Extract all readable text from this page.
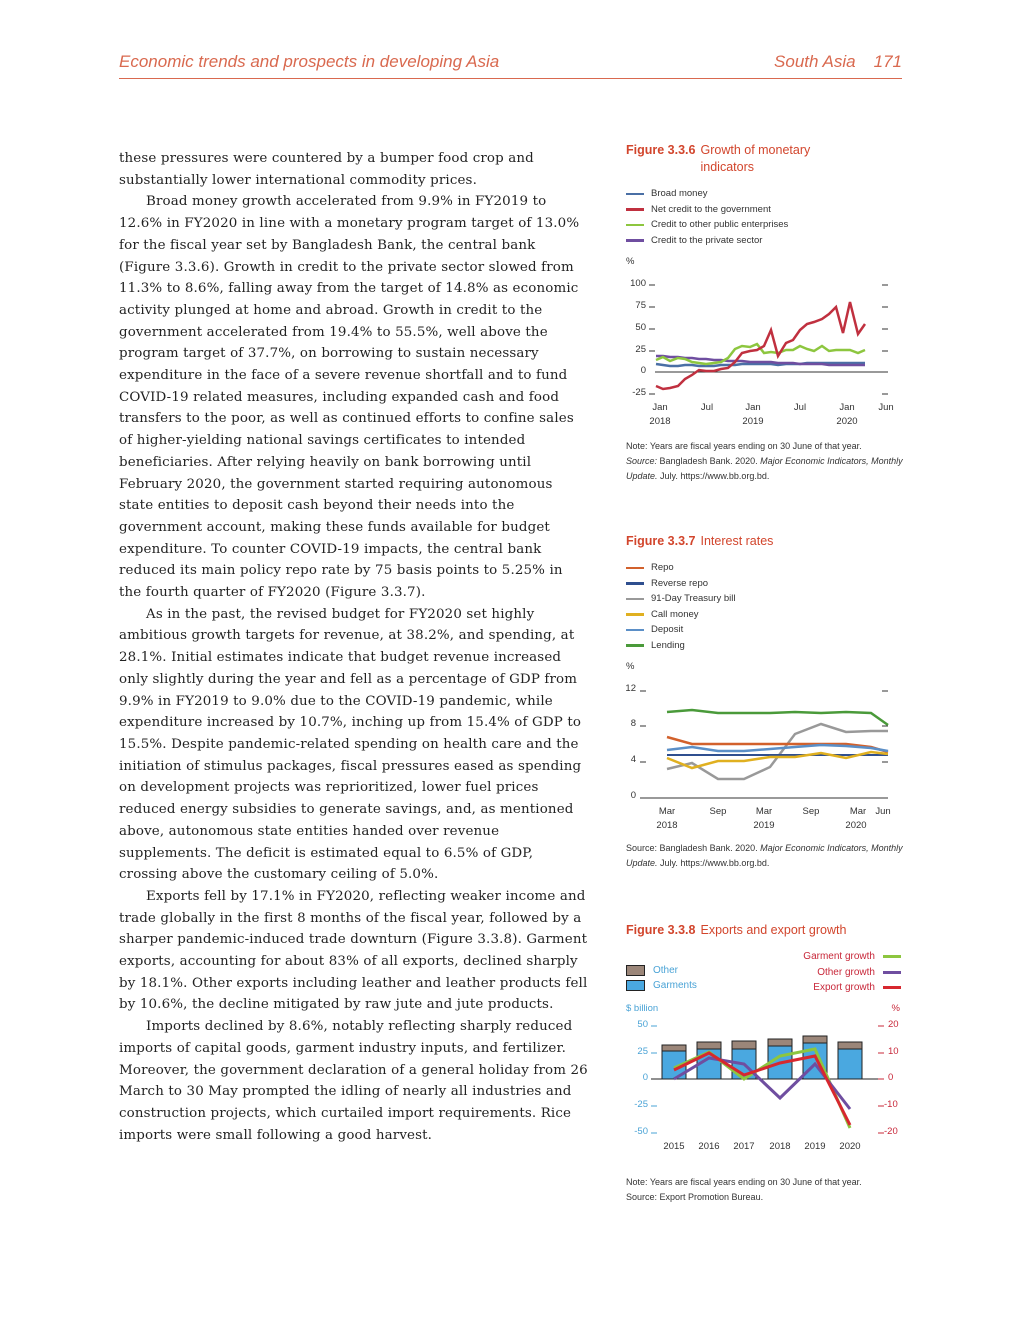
Economic trends and prospects in developing Asia	South Asia 171

these pressures were countered by a bumper food crop and substantially lower international commodity prices.

Broad money growth accelerated from 9.9% in FY2019 to 12.6% in FY2020 in line with a monetary program target of 13.0% for the fiscal year set by Bangladesh Bank, the central bank (Figure 3.3.6). Growth in credit to the private sector slowed from 11.3% to 8.6%, falling away from the target of 14.8% as economic activity plunged at home and abroad. Growth in credit to the government accelerated from 19.4% to 55.5%, well above the program target of 37.7%, on borrowing to sustain necessary expenditure in the face of a severe revenue shortfall and to fund COVID-19 related measures, including expanded cash and food transfers to the poor, as well as continued efforts to confine sales of higher-yielding national savings certificates to intended beneficiaries. After relying heavily on bank borrowing until February 2020, the government started requiring autonomous state entities to deposit cash beyond their needs into the government account, making these funds available for budget expenditure. To counter COVID-19 impacts, the central bank reduced its main policy repo rate by 75 basis points to 5.25% in the fourth quarter of FY2020 (Figure 3.3.7).

As in the past, the revised budget for FY2020 set highly ambitious growth targets for revenue, at 38.2%, and spending, at 28.1%. Initial estimates indicate that budget revenue increased only slightly during the year and fell as a percentage of GDP from 9.9% in FY2019 to 9.0% due to the COVID-19 pandemic, while expenditure increased by 10.7%, inching up from 15.4% of GDP to 15.5%. Despite pandemic-related spending on health care and the initiation of stimulus packages, fiscal pressures eased as spending on development projects was reprioritized, lower fuel prices reduced energy subsidies to generate savings, and, as mentioned above, autonomous state entities handed over revenue supplements. The deficit is estimated equal to 6.5% of GDP, crossing above the customary ceiling of 5.0%.

Exports fell by 17.1% in FY2020, reflecting weaker income and trade globally in the first 8 months of the fiscal year, followed by a sharper pandemic-induced trade downturn (Figure 3.3.8). Garment exports, accounting for about 83% of all exports, declined sharply by 18.1%. Other exports including leather and leather products fell by 10.6%, the decline mitigated by raw jute and jute products.

Imports declined by 8.6%, notably reflecting sharply reduced imports of capital goods, garment industry inputs, and fertilizer. Moreover, the government declaration of a general holiday from 26 March to 30 May prompted the idling of nearly all industries and construction projects, which curtailed import requirements. Rice imports were small following a good harvest.

Figure 3.3.6 Growth of monetary indicators
Broad money
Net credit to the government
Credit to other public enterprises
Credit to the private sector
%
100
75
50
25
0
-25
Jan
2018
Jul	Jan
2019
Jul	Jan
2020
Jun
Note: Years are fiscal years ending on 30 June of that year.
Source: Bangladesh Bank. 2020. Major Economic Indicators, Monthly Update. July. https://www.bb.org.bd.
Figure 3.3.7 Interest rates
Repo
Reverse repo
91-Day Treasury bill
Call money
Deposit
Lending
%
12
8
4
0
Mar
2018
Sep	Mar
2019
Sep	Mar
2020
Jun
Source: Bangladesh Bank. 2020. Major Economic Indicators, Monthly Update. July. https://www.bb.org.bd.
Figure 3.3.8 Exports and export growth
Other
Garments
Garment growth
Other growth
Export growth
$ billion	%
50
25
0
-25
-50
20
10
0
-10
-20
2015 2016 2017 2018 2019 2020
Note: Years are fiscal years ending on 30 June of that year.
Source: Export Promotion Bureau.
